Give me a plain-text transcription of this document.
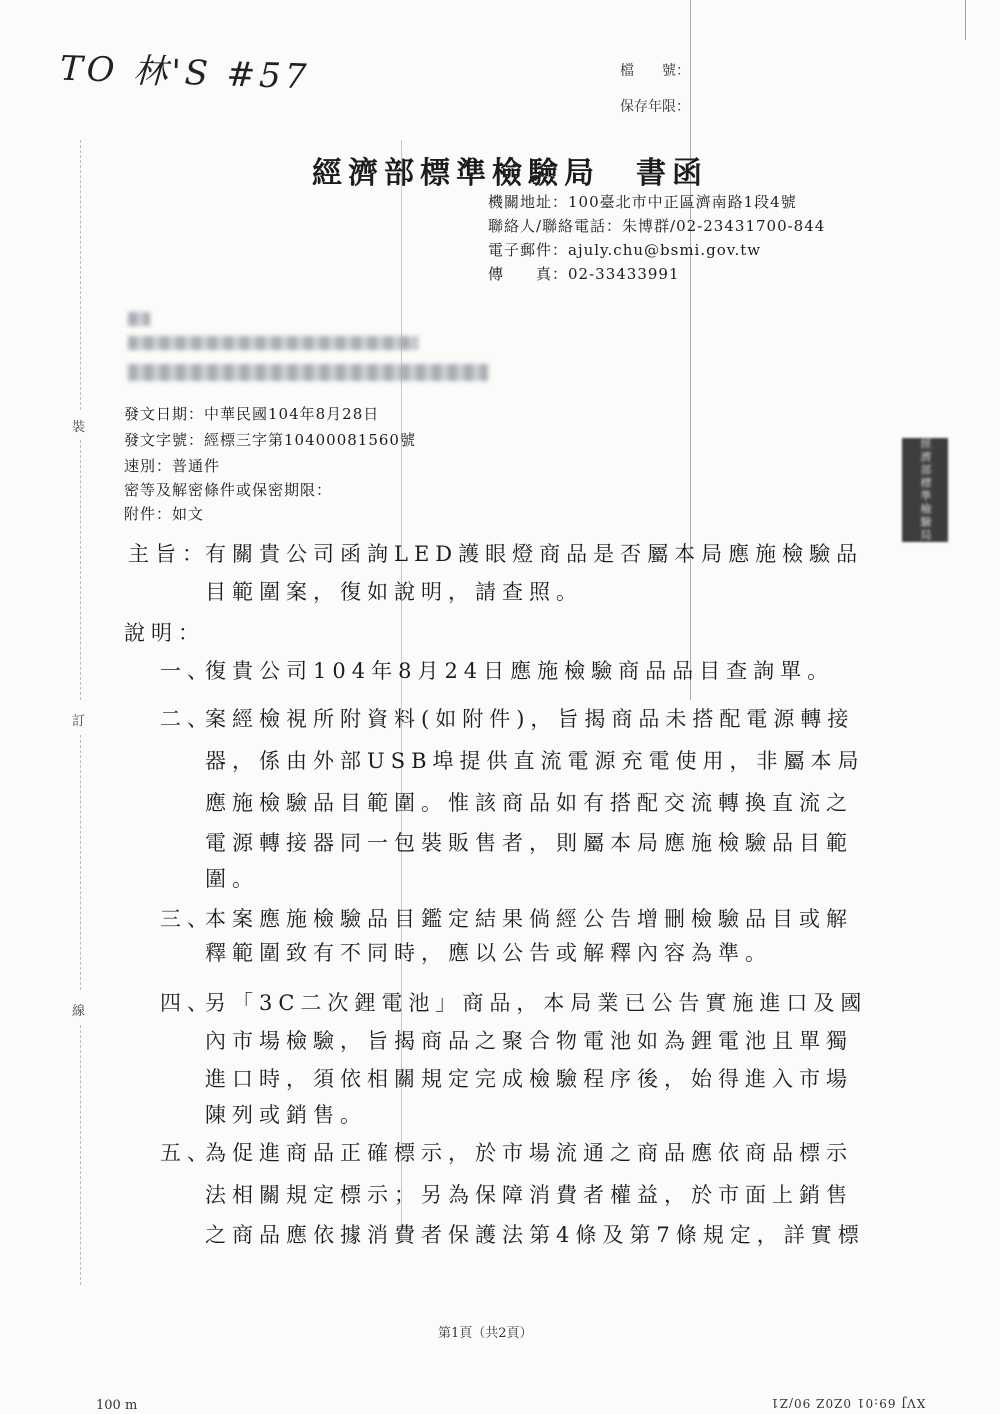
TO 林'S #57	檔　　號：
保存年限：
經濟部標準檢驗局　書函
機關地址：100臺北市中正區濟南路1段4號
聯絡人/聯絡電話：朱博群/02-23431700-844
電子郵件：ajuly.chu@bsmi.gov.tw
傳　　真：02-33433991
裝
訂
線
發文日期：中華民國104年8月28日
發文字號：經標三字第10400081560號
速別：普通件
密等及解密條件或保密期限：
附件：如文	經濟部標準檢驗局
主旨：
有關貴公司函詢LED護眼燈商品是否屬本局應施檢驗品
目範圍案，復如說明，請查照。
說明：
一、
復貴公司104年8月24日應施檢驗商品品目查詢單。
二、
案經檢視所附資料(如附件)，旨揭商品未搭配電源轉接
器，係由外部USB埠提供直流電源充電使用，非屬本局
應施檢驗品目範圍。惟該商品如有搭配交流轉換直流之
電源轉接器同一包裝販售者，則屬本局應施檢驗品目範
圍。
三、
本案應施檢驗品目鑑定結果倘經公告增刪檢驗品目或解
釋範圍致有不同時，應以公告或解釋內容為準。
四、
另「3C二次鋰電池」商品，本局業已公告實施進口及國
內市場檢驗，旨揭商品之聚合物電池如為鋰電池且單獨
進口時，須依相關規定完成檢驗程序後，始得進入市場
陳列或銷售。
五、
為促進商品正確標示，於市場流通之商品應依商品標示
法相關規定標示；另為保障消費者權益，於市面上銷售
之商品應依據消費者保護法第4條及第7條規定，詳實標
第1頁（共2頁）
100 m	XVJ 69:01 0Z0Z 90/Z1
